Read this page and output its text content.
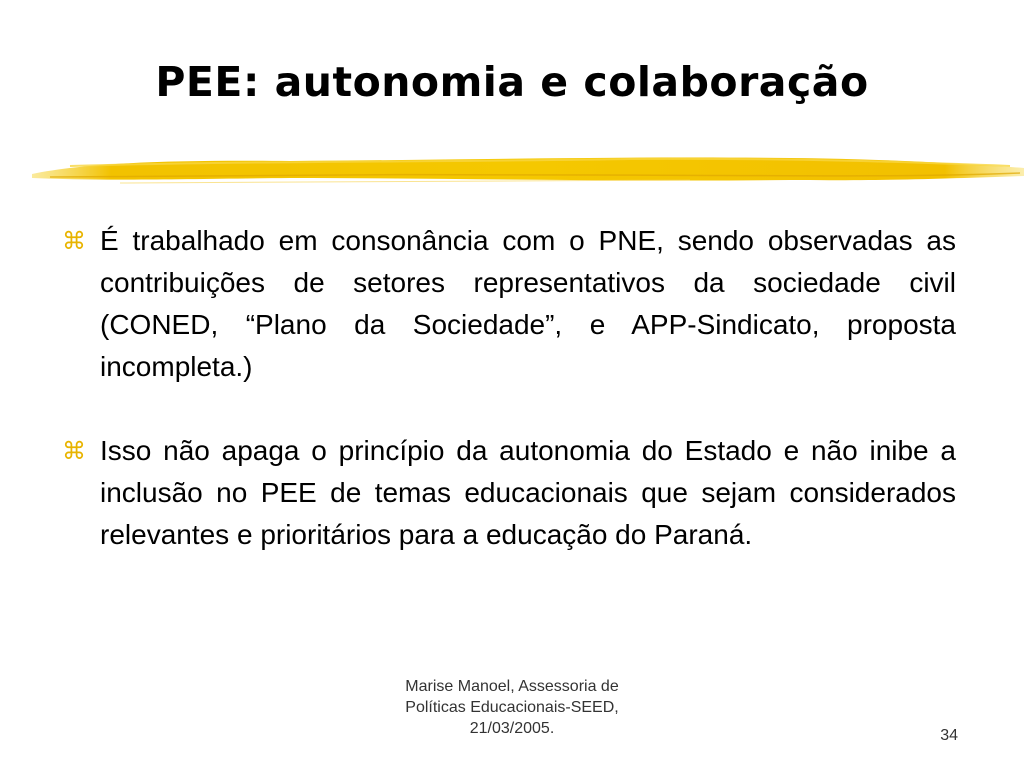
PEE: autonomia e colaboração
⌘ É trabalhado em consonância com o PNE, sendo observadas as contribuições de setores representativos da sociedade civil (CONED, “Plano da Sociedade”, e APP-Sindicato, proposta incompleta.)
⌘ Isso não apaga o princípio da autonomia do Estado e não inibe a inclusão no PEE de temas educacionais que sejam considerados relevantes e prioritários para a educação do Paraná.
Marise Manoel, Assessoria de
Políticas Educacionais-SEED,
21/03/2005.	34
